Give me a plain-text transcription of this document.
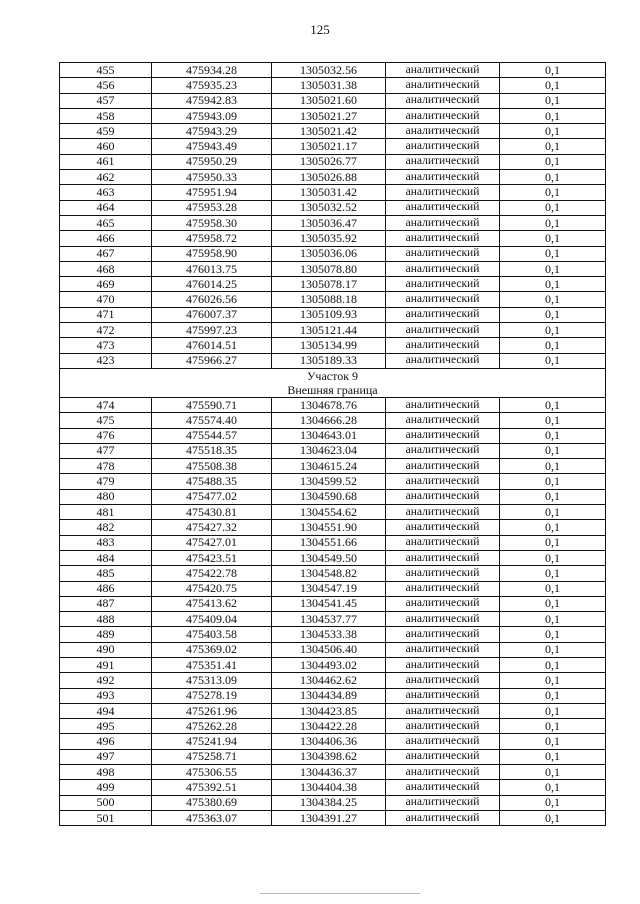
125
455	475934.28	1305032.56	аналитический	0,1
456	475935.23	1305031.38	аналитический	0,1
457	475942.83	1305021.60	аналитический	0,1
458	475943.09	1305021.27	аналитический	0,1
459	475943.29	1305021.42	аналитический	0,1
460	475943.49	1305021.17	аналитический	0,1
461	475950.29	1305026.77	аналитический	0,1
462	475950.33	1305026.88	аналитический	0,1
463	475951.94	1305031.42	аналитический	0,1
464	475953.28	1305032.52	аналитический	0,1
465	475958.30	1305036.47	аналитический	0,1
466	475958.72	1305035.92	аналитический	0,1
467	475958.90	1305036.06	аналитический	0,1
468	476013.75	1305078.80	аналитический	0,1
469	476014.25	1305078.17	аналитический	0,1
470	476026.56	1305088.18	аналитический	0,1
471	476007.37	1305109.93	аналитический	0,1
472	475997.23	1305121.44	аналитический	0,1
473	476014.51	1305134.99	аналитический	0,1
423	475966.27	1305189.33	аналитический	0,1

Участок 9
Внешняя граница				

474	475590.71	1304678.76	аналитический	0,1
475	475574.40	1304666.28	аналитический	0,1
476	475544.57	1304643.01	аналитический	0,1
477	475518.35	1304623.04	аналитический	0,1
478	475508.38	1304615.24	аналитический	0,1
479	475488.35	1304599.52	аналитический	0,1
480	475477.02	1304590.68	аналитический	0,1
481	475430.81	1304554.62	аналитический	0,1
482	475427.32	1304551.90	аналитический	0,1
483	475427.01	1304551.66	аналитический	0,1
484	475423.51	1304549.50	аналитический	0,1
485	475422.78	1304548.82	аналитический	0,1
486	475420.75	1304547.19	аналитический	0,1
487	475413.62	1304541.45	аналитический	0,1
488	475409.04	1304537.77	аналитический	0,1
489	475403.58	1304533.38	аналитический	0,1
490	475369.02	1304506.40	аналитический	0,1
491	475351.41	1304493.02	аналитический	0,1
492	475313.09	1304462.62	аналитический	0,1
493	475278.19	1304434.89	аналитический	0,1
494	475261.96	1304423.85	аналитический	0,1
495	475262.28	1304422.28	аналитический	0,1
496	475241.94	1304406.36	аналитический	0,1
497	475258.71	1304398.62	аналитический	0,1
498	475306.55	1304436.37	аналитический	0,1
499	475392.51	1304404.38	аналитический	0,1
500	475380.69	1304384.25	аналитический	0,1
501	475363.07	1304391.27	аналитический	0,1
